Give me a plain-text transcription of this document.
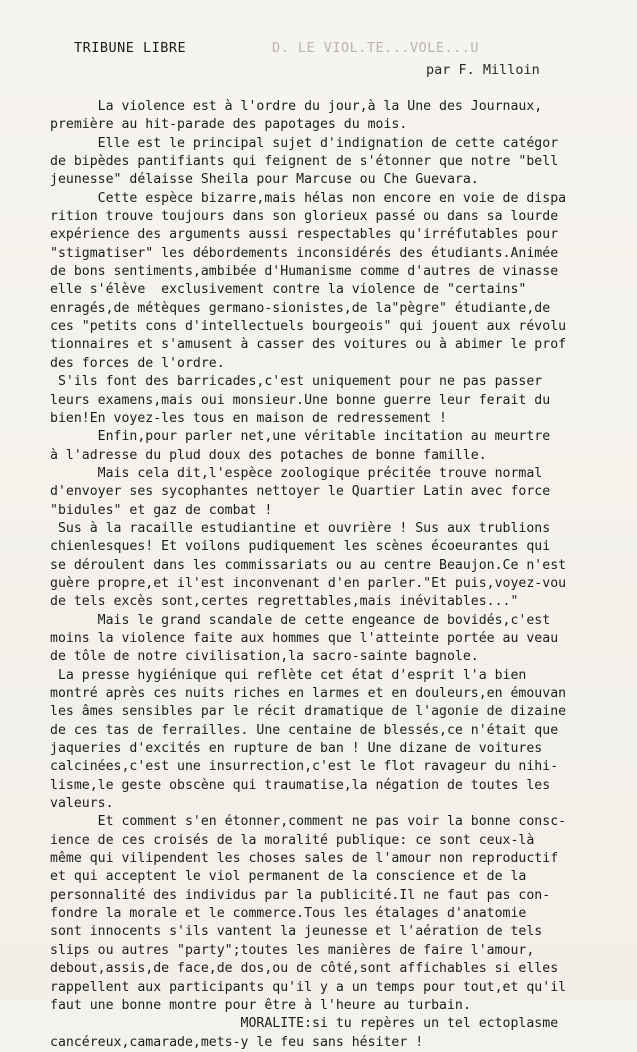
TRIBUNE LIBRE	D. LE VIOL.TE...VOLE...U
par F. Milloin
La violence est à l'ordre du jour,à la Une des Journaux,
première au hit-parade des papotages du mois.
Elle est le principal sujet d'indignation de cette catégor
de bipèdes pantifiants qui feignent de s'étonner que notre "bell
jeunesse" délaisse Sheila pour Marcuse ou Che Guevara.
Cette espèce bizarre,mais hélas non encore en voie de dispa
rition trouve toujours dans son glorieux passé ou dans sa lourde
expérience des arguments aussi respectables qu'irréfutables pour
"stigmatiser" les débordements inconsidérés des étudiants.Animée
de bons sentiments,ambibée d'Humanisme comme d'autres de vinasse
elle s'élève  exclusivement contre la violence de "certains"
enragés,de métèques germano-sionistes,de la"pègre" étudiante,de
ces "petits cons d'intellectuels bourgeois" qui jouent aux révolu
tionnaires et s'amusent à casser des voitures ou à abimer le prof
des forces de l'ordre.
S'ils font des barricades,c'est uniquement pour ne pas passer
leurs examens,mais oui monsieur.Une bonne guerre leur ferait du
bien!En voyez-les tous en maison de redressement !
Enfin,pour parler net,une véritable incitation au meurtre
à l'adresse du plud doux des potaches de bonne famille.
Mais cela dit,l'espèce zoologique précitée trouve normal
d'envoyer ses sycophantes nettoyer le Quartier Latin avec force
"bidules" et gaz de combat !
Sus à la racaille estudiantine et ouvrière ! Sus aux trublions
chienlesques! Et voilons pudiquement les scènes écoeurantes qui
se déroulent dans les commissariats ou au centre Beaujon.Ce n'est
guère propre,et il'est inconvenant d'en parler."Et puis,voyez-vou
de tels excès sont,certes regrettables,mais inévitables..."
Mais le grand scandale de cette engeance de bovidés,c'est
moins la violence faite aux hommes que l'atteinte portée au veau
de tôle de notre civilisation,la sacro-sainte bagnole.
La presse hygiénique qui reflète cet état d'esprit l'a bien
montré après ces nuits riches en larmes et en douleurs,en émouvan
les âmes sensibles par le récit dramatique de l'agonie de dizaine
de ces tas de ferrailles. Une centaine de blessés,ce n'était que
jaqueries d'excités en rupture de ban ! Une dizane de voitures
calcinées,c'est une insurrection,c'est le flot ravageur du nihi-
lisme,le geste obscène qui traumatise,la négation de toutes les
valeurs.
Et comment s'en étonner,comment ne pas voir la bonne consc-
ience de ces croisés de la moralité publique: ce sont ceux-là
même qui vilipendent les choses sales de l'amour non reproductif
et qui acceptent le viol permanent de la conscience et de la
personnalité des individus par la publicité.Il ne faut pas con-
fondre la morale et le commerce.Tous les étalages d'anatomie
sont innocents s'ils vantent la jeunesse et l'aération de tels
slips ou autres "party";toutes les manières de faire l'amour,
debout,assis,de face,de dos,ou de côté,sont affichables si elles
rappellent aux participants qu'il y a un temps pour tout,et qu'il
faut une bonne montre pour être à l'heure au turbain.
MORALITE:si tu repères un tel ectoplasme
cancéreux,camarade,mets-y le feu sans hésiter !
